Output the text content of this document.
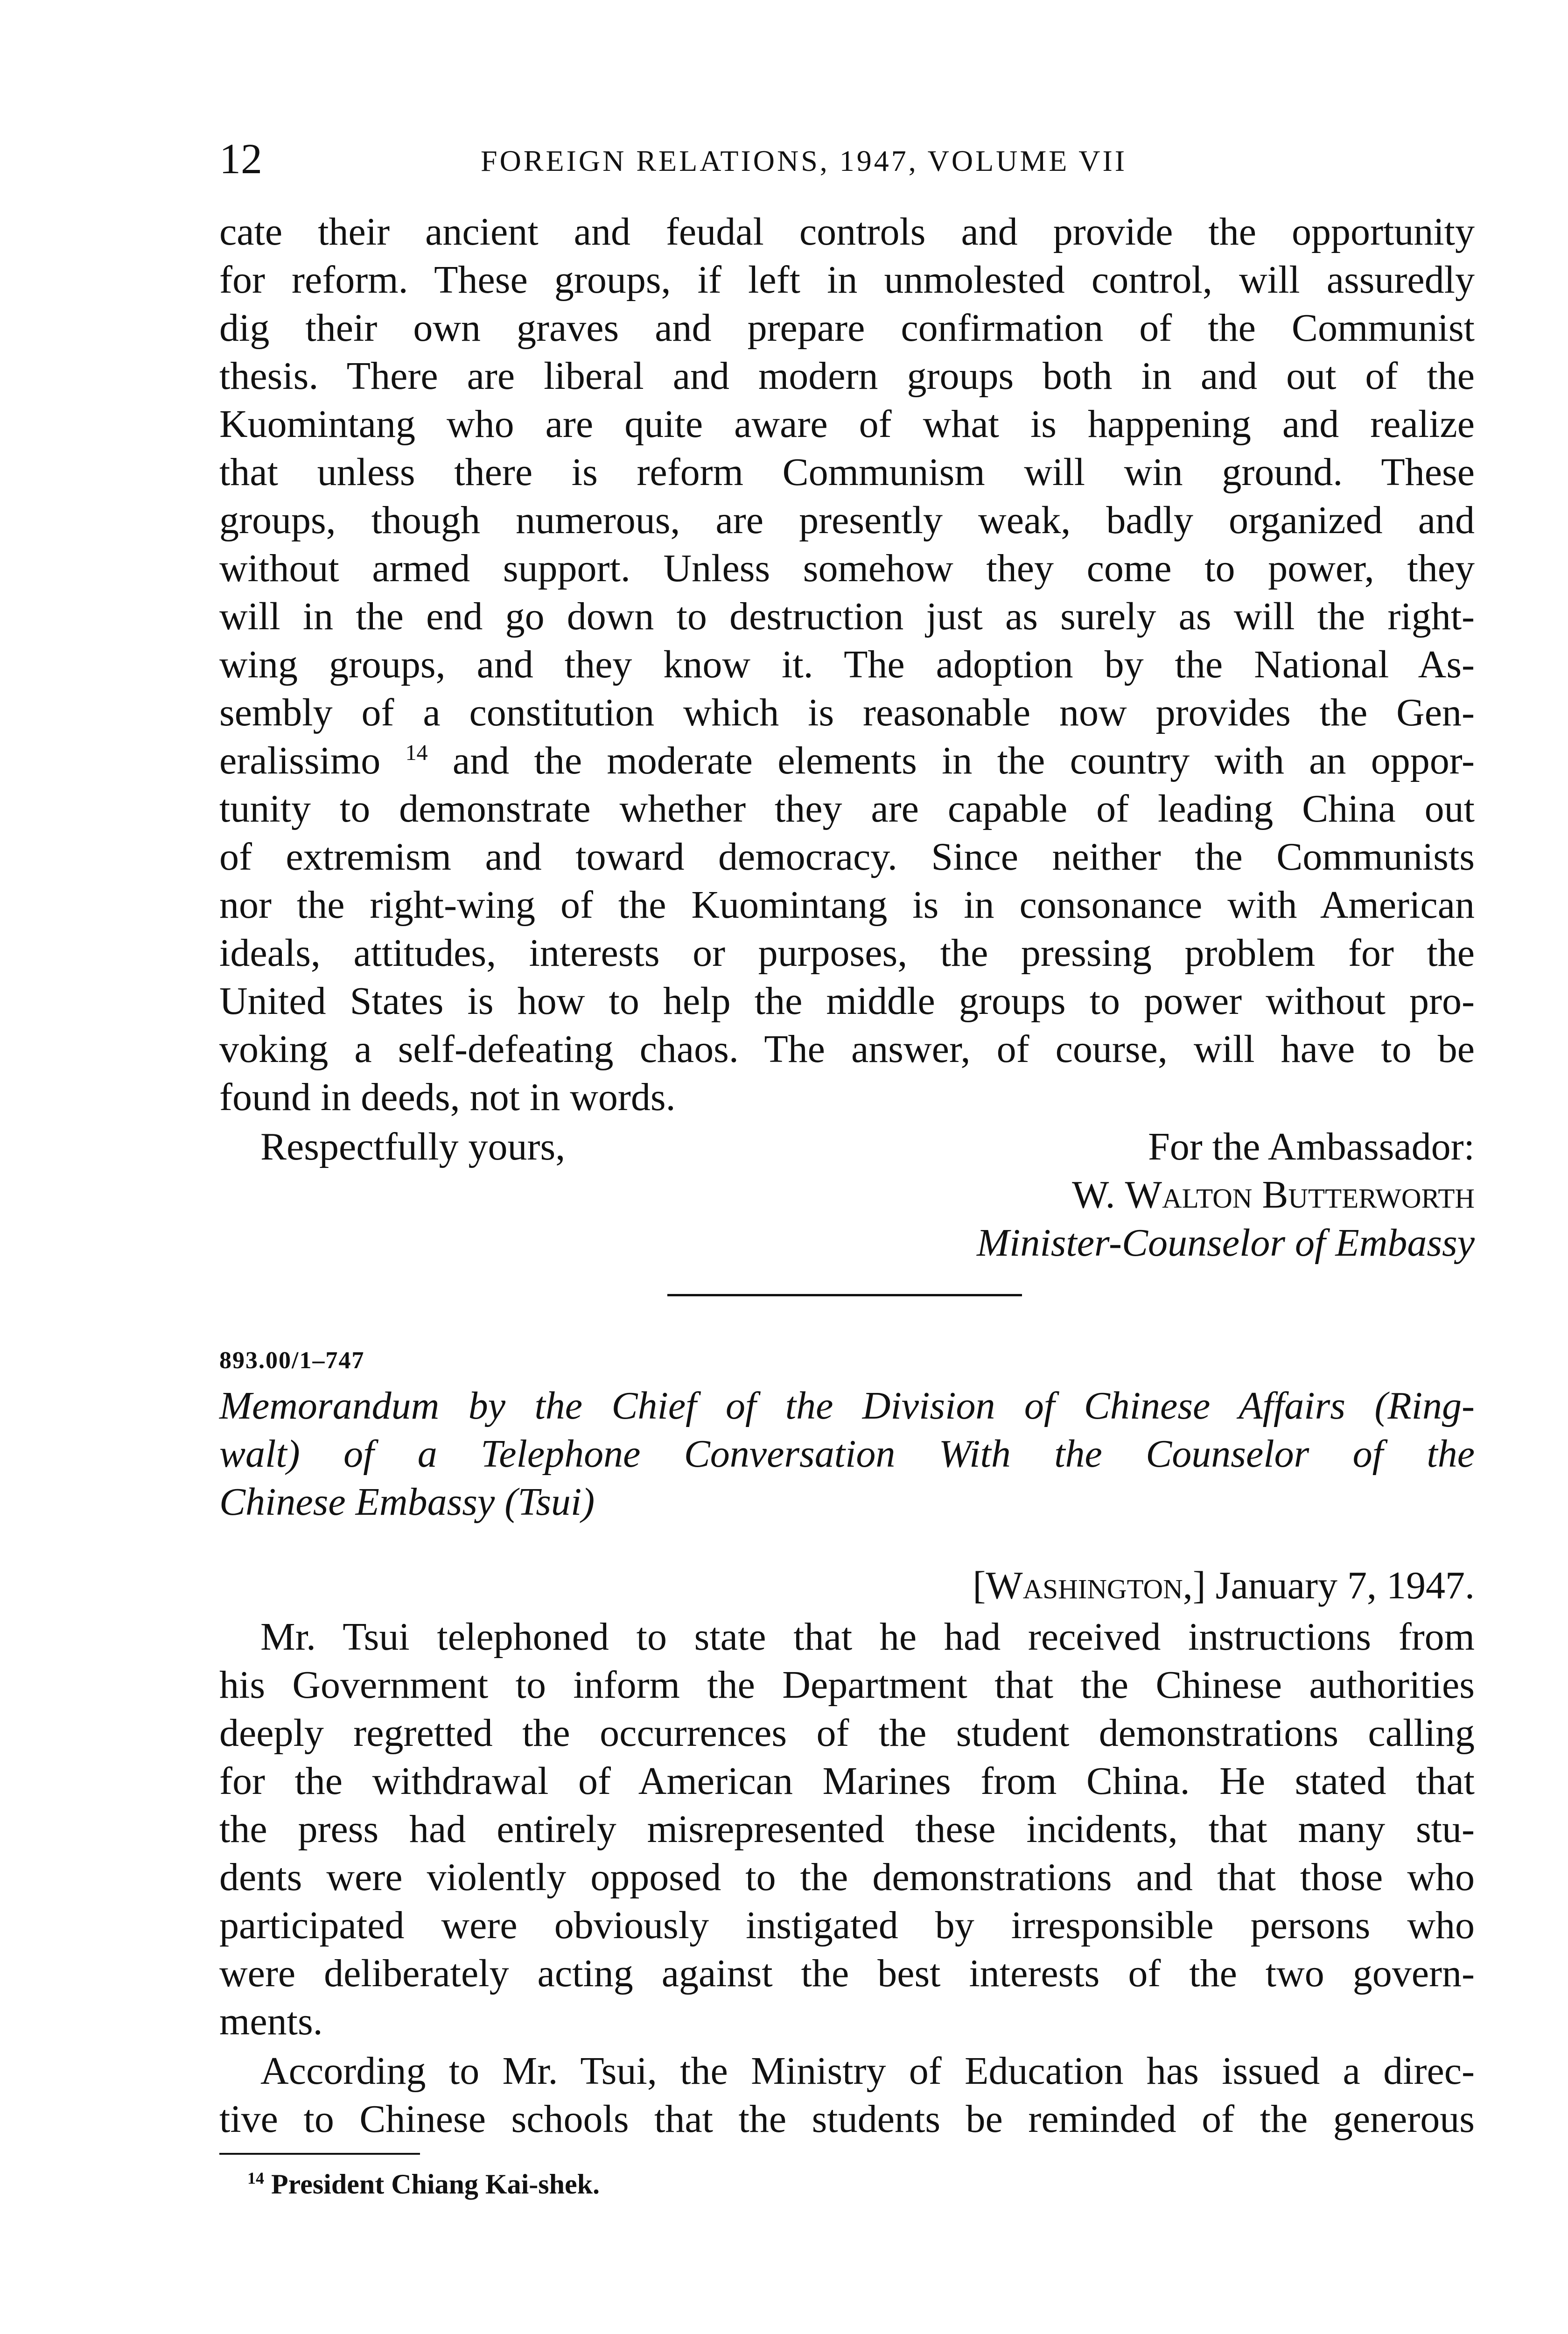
12	FOREIGN RELATIONS, 1947, VOLUME VII
cate their ancient and feudal controls and provide the opportunity
for reform. These groups, if left in unmolested control, will assuredly
dig their own graves and prepare confirmation of the Communist
thesis. There are liberal and modern groups both in and out of the
Kuomintang who are quite aware of what is happening and realize
that unless there is reform Communism will win ground. These
groups, though numerous, are presently weak, badly organized and
without armed support. Unless somehow they come to power, they
will in the end go down to destruction just as surely as will the right-
wing groups, and they know it. The adoption by the National As-
sembly of a constitution which is reasonable now provides the Gen-
eralissimo $^{14}$ and the moderate elements in the country with an oppor-
tunity to demonstrate whether they are capable of leading China out
of extremism and toward democracy. Since neither the Communists
nor the right-wing of the Kuomintang is in consonance with American
ideals, attitudes, interests or purposes, the pressing problem for the
United States is how to help the middle groups to power without pro-
voking a self-defeating chaos. The answer, of course, will have to be
found in deeds, not in words.
Respectfully yours,	For the Ambassador:
W. Walton Butterworth
Minister-Counselor of Embassy
893.00/1–747
Memorandum by the Chief of the Division of Chinese Affairs (Ring-
walt) of a Telephone Conversation With the Counselor of the
Chinese Embassy (Tsui)
[Washington,] January 7, 1947.
Mr. Tsui telephoned to state that he had received instructions from
his Government to inform the Department that the Chinese authorities
deeply regretted the occurrences of the student demonstrations calling
for the withdrawal of American Marines from China. He stated that
the press had entirely misrepresented these incidents, that many stu-
dents were violently opposed to the demonstrations and that those who
participated were obviously instigated by irresponsible persons who
were deliberately acting against the best interests of the two govern-
ments.
According to Mr. Tsui, the Ministry of Education has issued a direc-
tive to Chinese schools that the students be reminded of the generous
$^{14}$ President Chiang Kai-shek.
